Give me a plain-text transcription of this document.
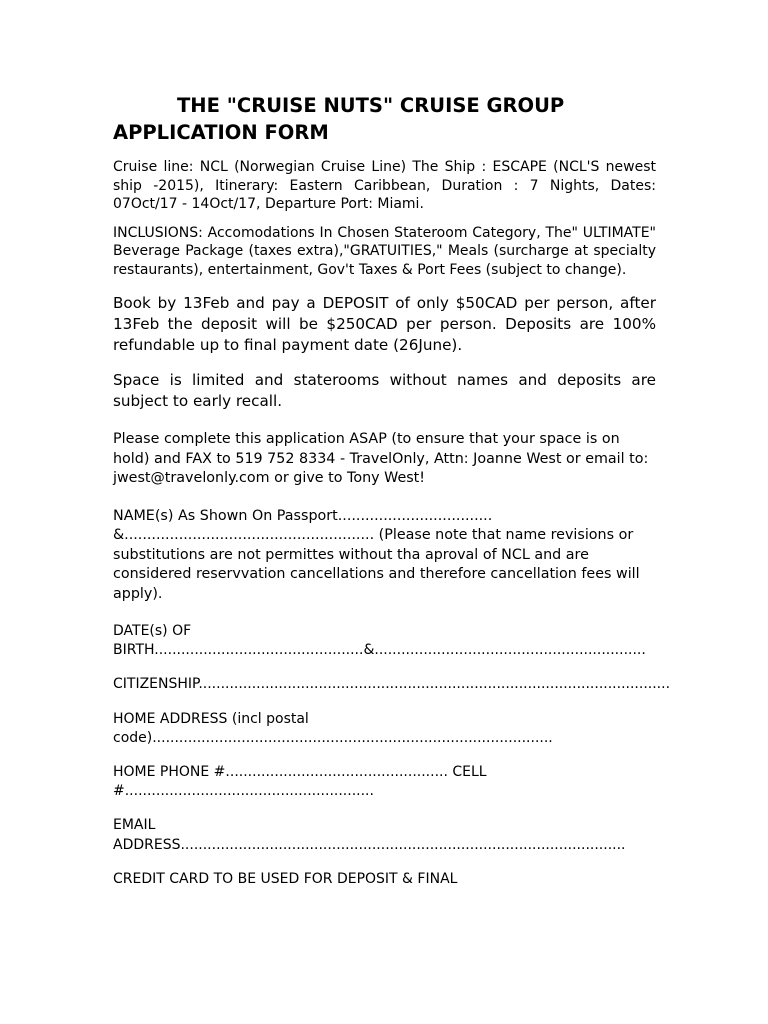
THE "CRUISE NUTS" CRUISE GROUP
APPLICATION FORM

Cruise line: NCL (Norwegian Cruise Line) The Ship : ESCAPE (NCL'S newest ship -2015), Itinerary: Eastern Caribbean, Duration : 7 Nights, Dates: 07Oct/17 - 14Oct/17, Departure Port: Miami.

INCLUSIONS: Accomodations In Chosen Stateroom Category, The" ULTIMATE" Beverage Package (taxes extra),"GRATUITIES," Meals (surcharge at specialty restaurants), entertainment, Gov't Taxes & Port Fees (subject to change).

Book by 13Feb and pay a DEPOSIT of only $50CAD per person, after 13Feb the deposit will be $250CAD per person. Deposits are 100% refundable up to final payment date (26June).

Space is limited and staterooms without names and deposits are subject to early recall.

Please complete this application ASAP (to ensure that your space is on hold) and FAX to 519 752 8334 - TravelOnly, Attn: Joanne West or email to: jwest@travelonly.com or give to Tony West!

NAME(s) As Shown On Passport.................................. &....................................................... (Please note that name revisions or substitutions are not permittes without tha aproval of NCL and are considered reservvation cancellations and therefore cancellation fees will apply).

DATE(s) OF BIRTH...............................................&.............................................................

CITIZENSHIP..........................................................................................................

HOME ADDRESS (incl postal code)..........................................................................................

HOME PHONE #.................................................. CELL #........................................................

EMAIL ADDRESS....................................................................................................

CREDIT CARD TO BE USED FOR DEPOSIT & FINAL
